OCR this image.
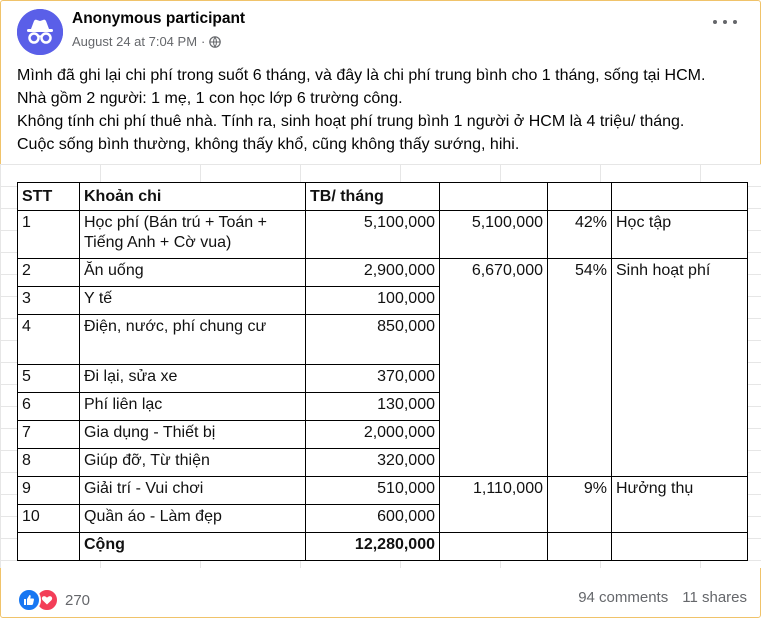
Anonymous participant
August 24 at 7:04 PM ·
Mình đã ghi lại chi phí trong suốt 6 tháng, và đây là chi phí trung bình cho 1 tháng, sống tại HCM.
Nhà gồm 2 người: 1 mẹ, 1 con học lớp 6 trường công.
Không tính chi phí thuê nhà. Tính ra, sinh hoạt phí trung bình 1 người ở HCM là 4 triệu/ tháng.
Cuộc sống bình thường, không thấy khổ, cũng không thấy sướng, hihi.
STT	Khoản chi	TB/ tháng			
1	Học phí (Bán trú + Toán + Tiếng Anh + Cờ vua)	5,100,000	5,100,000	42%	Học tập
2	Ăn uống	2,900,000	6,670,000	54%	Sinh hoạt phí
3	Y tế	100,000			
4	Điện, nước, phí chung cư	850,000			
5	Đi lại, sửa xe	370,000			
6	Phí liên lạc	130,000			
7	Gia dụng - Thiết bị	2,000,000			
8	Giúp đỡ, Từ thiện	320,000			
9	Giải trí - Vui chơi	510,000	1,110,000	9%	Hưởng thụ
10	Quần áo - Làm đẹp	600,000			
	Cộng	12,280,000			
270	94 comments 11 shares
